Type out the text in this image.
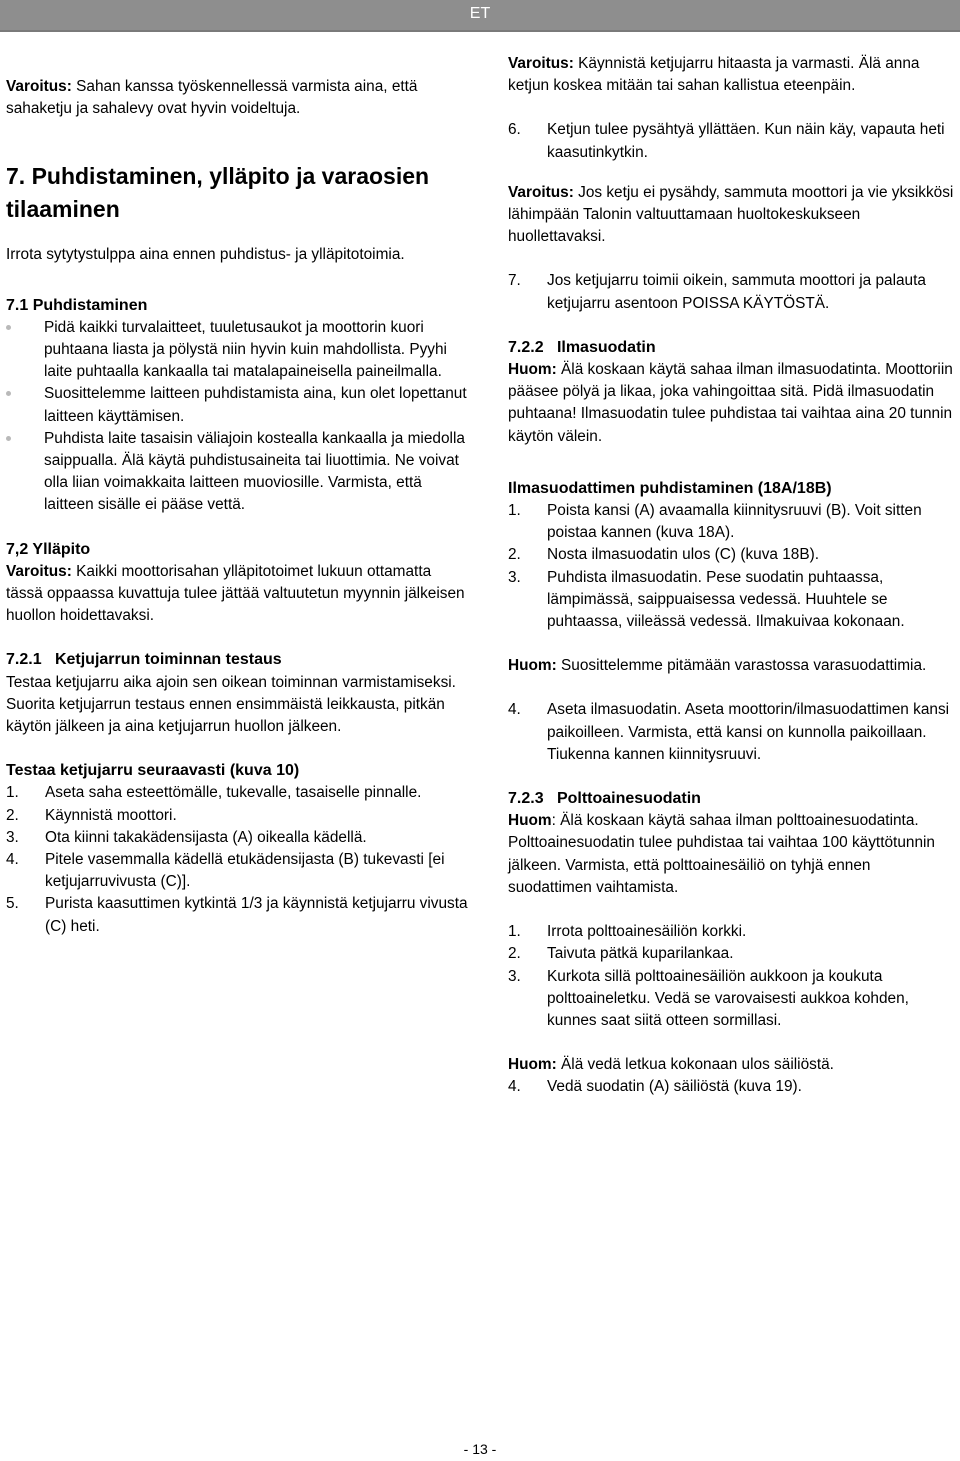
ET

Varoitus: Sahan kanssa työskennellessä varmista aina, että sahaketju ja sahalevy ovat hyvin voideltuja.

7. Puhdistaminen, ylläpito ja varaosien tilaaminen

Irrota sytytystulppa aina ennen puhdistus- ja ylläpitotoimia.

7.1 Puhdistaminen

Pidä kaikki turvalaitteet, tuuletusaukot ja moottorin kuori puhtaana liasta ja pölystä niin hyvin kuin mahdollista. Pyyhi laite puhtaalla kankaalla tai matalapaineisella paineilmalla.
Suosittelemme laitteen puhdistamista aina, kun olet lopettanut laitteen käyttämisen.
Puhdista laite tasaisin väliajoin kostealla kankaalla ja miedolla saippualla. Älä käytä puhdistusaineita tai liuottimia. Ne voivat olla liian voimakkaita laitteen muoviosille. Varmista, että laitteen sisälle ei pääse vettä.

7,2 Ylläpito

Varoitus: Kaikki moottorisahan ylläpitotoimet lukuun ottamatta tässä oppaassa kuvattuja tulee jättää valtuutetun myynnin jälkeisen huollon hoidettavaksi.

7.2.1 Ketjujarrun toiminnan testaus

Testaa ketjujarru aika ajoin sen oikean toiminnan varmistamiseksi.

Suorita ketjujarrun testaus ennen ensimmäistä leikkausta, pitkän käytön jälkeen ja aina ketjujarrun huollon jälkeen.

Testaa ketjujarru seuraavasti (kuva 10)

1.	Aseta saha esteettömälle, tukevalle, tasaiselle pinnalle.
2.	Käynnistä moottori.
3.	Ota kiinni takakädensijasta (A) oikealla kädellä.
4.	Pitele vasemmalla kädellä etukädensijasta (B) tukevasti [ei ketjujarruvivusta (C)].
5.	Purista kaasuttimen kytkintä 1/3 ja käynnistä ketjujarru vivusta (C) heti.

Varoitus: Käynnistä ketjujarru hitaasta ja varmasti. Älä anna ketjun koskea mitään tai sahan kallistua eteenpäin.

6.	Ketjun tulee pysähtyä yllättäen. Kun näin käy, vapauta heti kaasutinkytkin.

Varoitus: Jos ketju ei pysähdy, sammuta moottori ja vie yksikkösi lähimpään Talonin valtuuttamaan huoltokeskukseen huollettavaksi.

7.	Jos ketjujarru toimii oikein, sammuta moottori ja palauta ketjujarru asentoon POISSA KÄYTÖSTÄ.

7.2.2 Ilmasuodatin

Huom: Älä koskaan käytä sahaa ilman ilmasuodatinta. Moottoriin pääsee pölyä ja likaa, joka vahingoittaa sitä. Pidä ilmasuodatin puhtaana! Ilmasuodatin tulee puhdistaa tai vaihtaa aina 20 tunnin käytön välein.

Ilmasuodattimen puhdistaminen (18A/18B)

1.	Poista kansi (A) avaamalla kiinnitysruuvi (B). Voit sitten poistaa kannen (kuva 18A).
2.	Nosta ilmasuodatin ulos (C) (kuva 18B).
3.	Puhdista ilmasuodatin. Pese suodatin puhtaassa, lämpimässä, saippuaisessa vedessä. Huuhtele se puhtaassa, viileässä vedessä. Ilmakuivaa kokonaan.

Huom: Suosittelemme pitämään varastossa varasuodattimia.

4.	Aseta ilmasuodatin. Aseta moottorin/ilmasuodattimen kansi paikoilleen. Varmista, että kansi on kunnolla paikoillaan. Tiukenna kannen kiinnitysruuvi.

7.2.3 Polttoainesuodatin

Huom: Älä koskaan käytä sahaa ilman polttoainesuodatinta. Polttoainesuodatin tulee puhdistaa tai vaihtaa 100 käyttötunnin jälkeen. Varmista, että polttoainesäiliö on tyhjä ennen suodattimen vaihtamista.

1.	Irrota polttoainesäiliön korkki.
2.	Taivuta pätkä kuparilankaa.
3.	Kurkota sillä polttoainesäiliön aukkoon ja koukuta polttoaineletku. Vedä se varovaisesti aukkoa kohden, kunnes saat siitä otteen sormillasi.

Huom: Älä vedä letkua kokonaan ulos säiliöstä.

4.	Vedä suodatin (A) säiliöstä (kuva 19).
- 13 -
